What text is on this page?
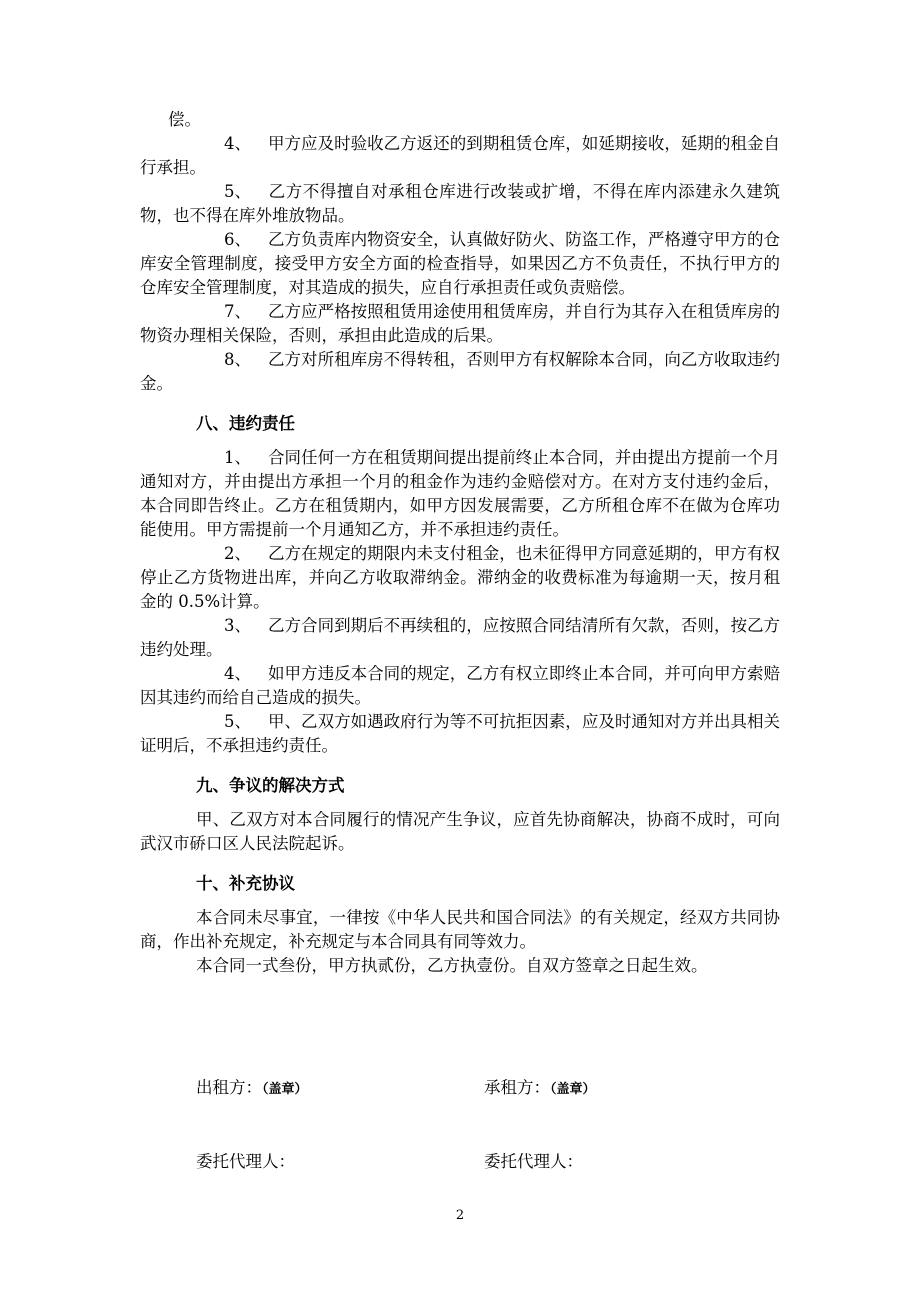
偿。

4、 甲方应及时验收乙方返还的到期租赁仓库，如延期接收，延期的租金自行承担。

5、 乙方不得擅自对承租仓库进行改装或扩增，不得在库内添建永久建筑物，也不得在库外堆放物品。

6、 乙方负责库内物资安全，认真做好防火、防盗工作，严格遵守甲方的仓库安全管理制度，接受甲方安全方面的检查指导，如果因乙方不负责任，不执行甲方的仓库安全管理制度，对其造成的损失，应自行承担责任或负责赔偿。

7、 乙方应严格按照租赁用途使用租赁库房，并自行为其存入在租赁库房的物资办理相关保险，否则，承担由此造成的后果。

8、 乙方对所租库房不得转租，否则甲方有权解除本合同，向乙方收取违约金。

八、违约责任

1、 合同任何一方在租赁期间提出提前终止本合同，并由提出方提前一个月通知对方，并由提出方承担一个月的租金作为违约金赔偿对方。在对方支付违约金后，本合同即告终止。乙方在租赁期内，如甲方因发展需要，乙方所租仓库不在做为仓库功能使用。甲方需提前一个月通知乙方，并不承担违约责任。

2、 乙方在规定的期限内未支付租金，也未征得甲方同意延期的，甲方有权停止乙方货物进出库，并向乙方收取滞纳金。滞纳金的收费标准为每逾期一天，按月租金的 0.5%计算。

3、 乙方合同到期后不再续租的，应按照合同结清所有欠款，否则，按乙方违约处理。

4、 如甲方违反本合同的规定，乙方有权立即终止本合同，并可向甲方索赔因其违约而给自己造成的损失。

5、 甲、乙双方如遇政府行为等不可抗拒因素，应及时通知对方并出具相关证明后，不承担违约责任。

九、争议的解决方式

甲、乙双方对本合同履行的情况产生争议，应首先协商解决，协商不成时，可向武汉市硚口区人民法院起诉。

十、补充协议

本合同未尽事宜，一律按《中华人民共和国合同法》的有关规定，经双方共同协商，作出补充规定，补充规定与本合同具有同等效力。

本合同一式叁份，甲方执贰份，乙方执壹份。自双方签章之日起生效。

出租方：（盖章）	承租方：（盖章）
委托代理人：	委托代理人：
2
